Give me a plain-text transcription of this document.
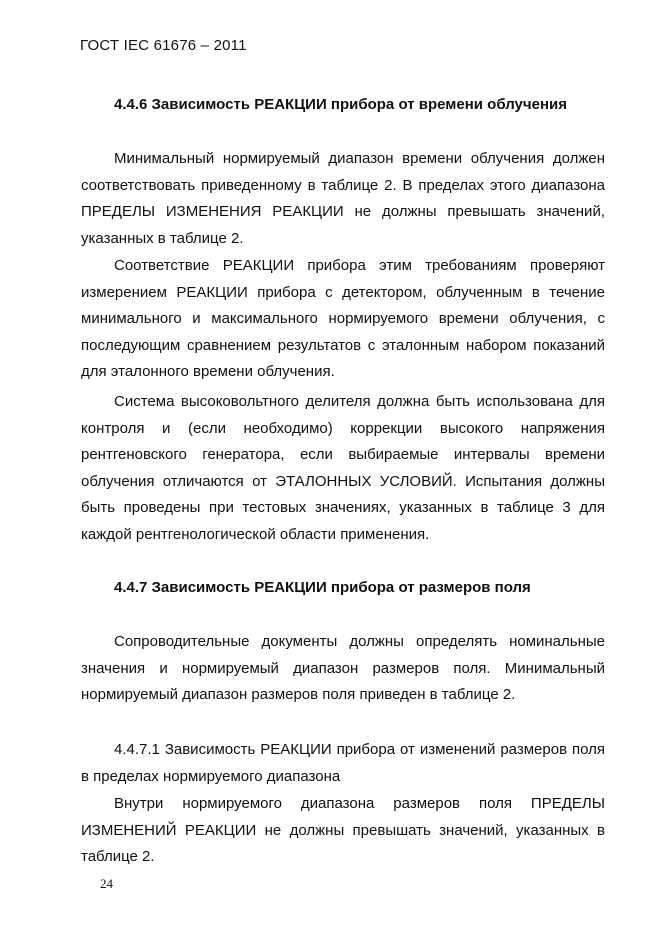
ГОСТ IEC 61676 – 2011
4.4.6 Зависимость РЕАКЦИИ прибора от времени облучения

Минимальный нормируемый диапазон времени облучения должен соответствовать приведенному в таблице 2. В пределах этого диапазона ПРЕДЕЛЫ ИЗМЕНЕНИЯ РЕАКЦИИ не должны превышать значений, указанных в таблице 2.

Соответствие РЕАКЦИИ прибора этим требованиям проверяют измерением РЕАКЦИИ прибора с детектором, облученным в течение минимального и максимального нормируемого времени облучения, с последующим сравнением результатов с эталонным набором показаний для эталонного времени облучения.

Система высоковольтного делителя должна быть использована для контроля и (если необходимо) коррекции высокого напряжения рентгеновского генератора, если выбираемые интервалы времени облучения отличаются от ЭТАЛОННЫХ УСЛОВИЙ. Испытания должны быть проведены при тестовых значениях, указанных в таблице 3 для каждой рентгенологической области применения.

4.4.7 Зависимость РЕАКЦИИ прибора от размеров поля

Сопроводительные документы должны определять номинальные значения и нормируемый диапазон размеров поля. Минимальный нормируемый диапазон размеров поля приведен в таблице 2.

4.4.7.1 Зависимость РЕАКЦИИ прибора от изменений размеров поля в пределах нормируемого диапазона

Внутри нормируемого диапазона размеров поля ПРЕДЕЛЫ ИЗМЕНЕНИЙ РЕАКЦИИ не должны превышать значений, указанных в таблице 2.

24
